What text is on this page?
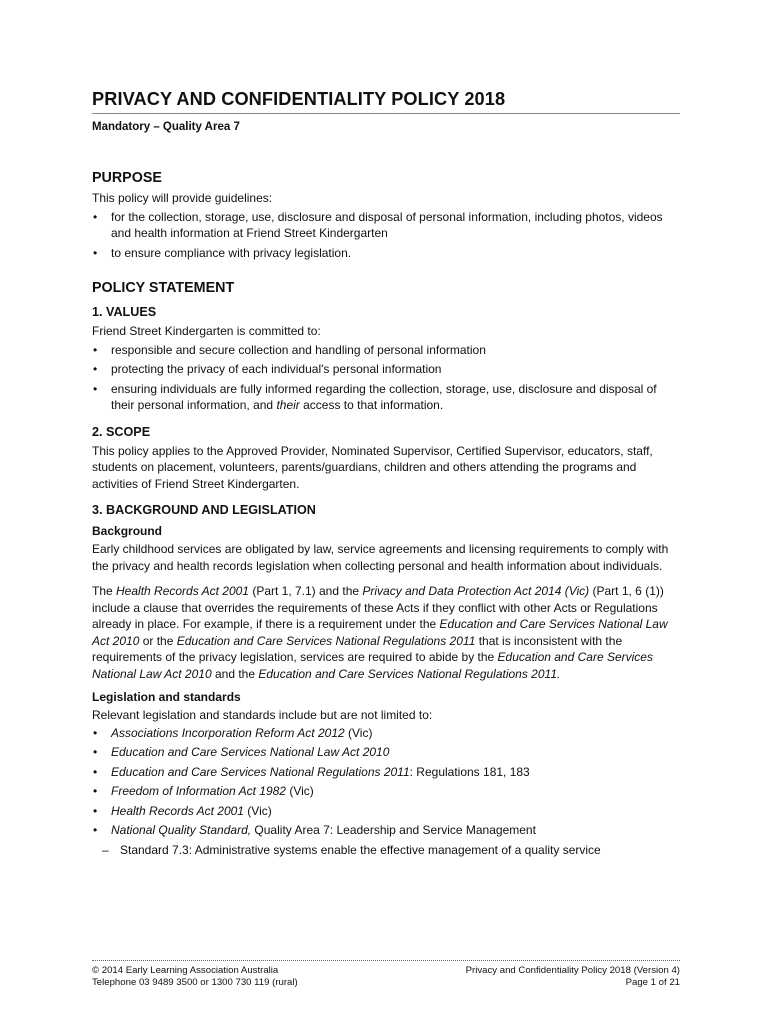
PRIVACY AND CONFIDENTIALITY POLICY 2018
Mandatory – Quality Area 7
PURPOSE

This policy will provide guidelines:

• for the collection, storage, use, disclosure and disposal of personal information, including photos, videos and health information at Friend Street Kindergarten
• to ensure compliance with privacy legislation.
POLICY STATEMENT
1. VALUES

Friend Street Kindergarten is committed to:

• responsible and secure collection and handling of personal information
• protecting the privacy of each individual's personal information
• ensuring individuals are fully informed regarding the collection, storage, use, disclosure and disposal of their personal information, and their access to that information.
2. SCOPE

This policy applies to the Approved Provider, Nominated Supervisor, Certified Supervisor, educators, staff, students on placement, volunteers, parents/guardians, children and others attending the programs and activities of Friend Street Kindergarten.

3. BACKGROUND AND LEGISLATION
Background

Early childhood services are obligated by law, service agreements and licensing requirements to comply with the privacy and health records legislation when collecting personal and health information about individuals.

The Health Records Act 2001 (Part 1, 7.1) and the Privacy and Data Protection Act 2014 (Vic) (Part 1, 6 (1)) include a clause that overrides the requirements of these Acts if they conflict with other Acts or Regulations already in place. For example, if there is a requirement under the Education and Care Services National Law Act 2010 or the Education and Care Services National Regulations 2011 that is inconsistent with the requirements of the privacy legislation, services are required to abide by the Education and Care Services National Law Act 2010 and the Education and Care Services National Regulations 2011.

Legislation and standards

Relevant legislation and standards include but are not limited to:

• Associations Incorporation Reform Act 2012 (Vic)
• Education and Care Services National Law Act 2010
• Education and Care Services National Regulations 2011: Regulations 181, 183
• Freedom of Information Act 1982 (Vic)
• Health Records Act 2001 (Vic)
• National Quality Standard, Quality Area 7: Leadership and Service Management
– Standard 7.3: Administrative systems enable the effective management of a quality service
© 2014 Early Learning Association Australia	Privacy and Confidentiality Policy 2018 (Version 4)
Telephone 03 9489 3500 or 1300 730 119 (rural)	Page 1 of 21
